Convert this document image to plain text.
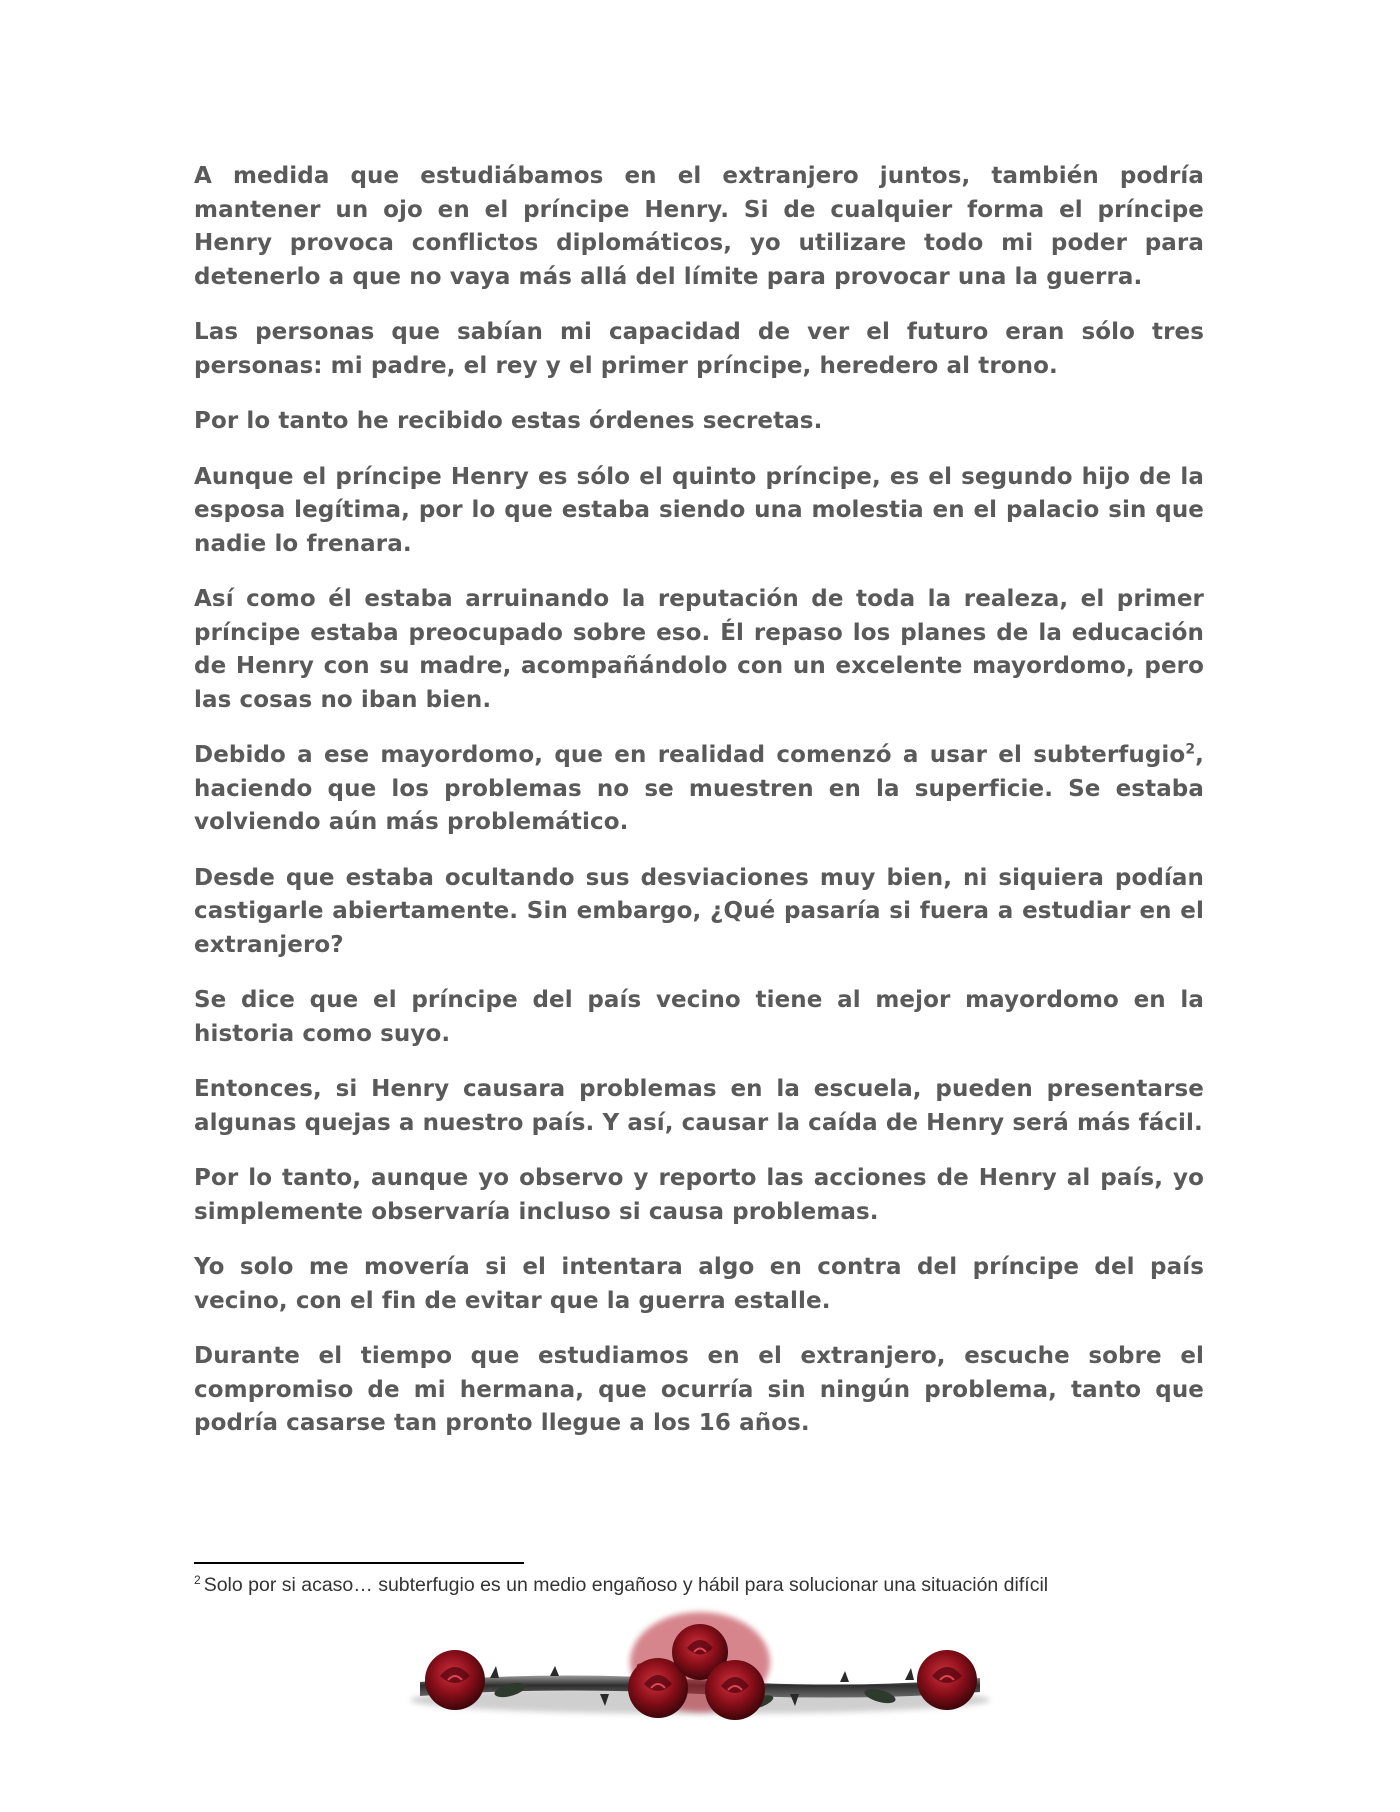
A medida que estudiábamos en el extranjero juntos, también podría mantener un ojo en el príncipe Henry. Si de cualquier forma el príncipe Henry provoca conflictos diplomáticos, yo utilizare todo mi poder para detenerlo a que no vaya más allá del límite para provocar una la guerra.

Las personas que sabían mi capacidad de ver el futuro eran sólo tres personas: mi padre, el rey y el primer príncipe, heredero al trono.

Por lo tanto he recibido estas órdenes secretas.

Aunque el príncipe Henry es sólo el quinto príncipe, es el segundo hijo de la esposa legítima, por lo que estaba siendo una molestia en el palacio sin que nadie lo frenara.

Así como él estaba arruinando la reputación de toda la realeza, el primer príncipe estaba preocupado sobre eso. Él repaso los planes de la educación de Henry con su madre, acompañándolo con un excelente mayordomo, pero las cosas no iban bien.

Debido a ese mayordomo, que en realidad comenzó a usar el subterfugio$^2$, haciendo que los problemas no se muestren en la superficie. Se estaba volviendo aún más problemático.

Desde que estaba ocultando sus desviaciones muy bien, ni siquiera podían castigarle abiertamente. Sin embargo, ¿Qué pasaría si fuera a estudiar en el extranjero?

Se dice que el príncipe del país vecino tiene al mejor mayordomo en la historia como suyo.

Entonces, si Henry causara problemas en la escuela, pueden presentarse algunas quejas a nuestro país. Y así, causar la caída de Henry será más fácil.

Por lo tanto, aunque yo observo y reporto las acciones de Henry al país, yo simplemente observaría incluso si causa problemas.

Yo solo me movería si el intentara algo en contra del príncipe del país vecino, con el fin de evitar que la guerra estalle.

Durante el tiempo que estudiamos en el extranjero, escuche sobre el compromiso de mi hermana, que ocurría sin ningún problema, tanto que podría casarse tan pronto llegue a los 16 años.

$^2$ Solo por si acaso… subterfugio es un medio engañoso y hábil para solucionar una situación difícil
